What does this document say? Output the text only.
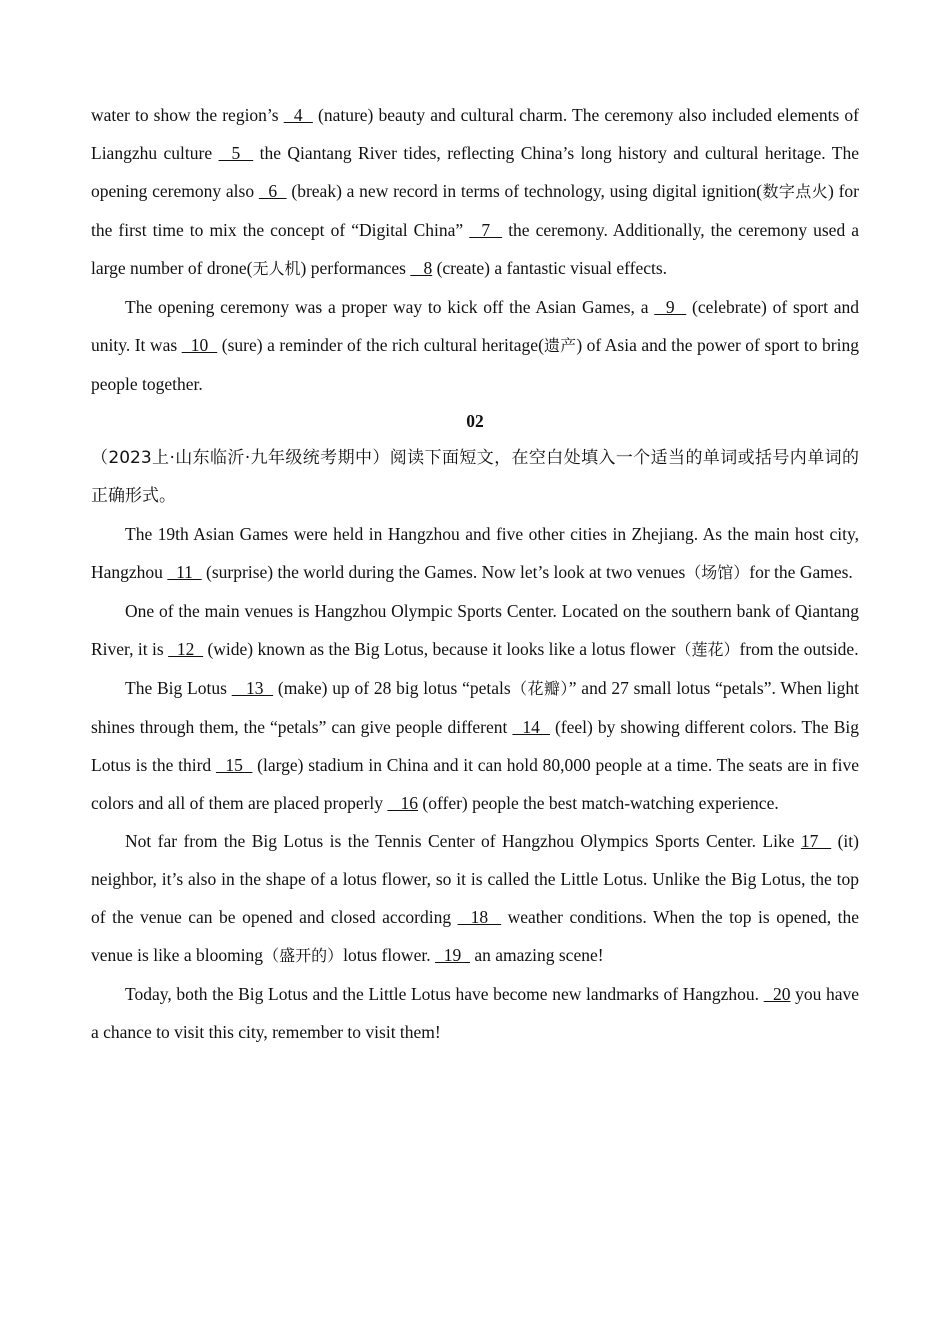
water to show the region’s   4   (nature) beauty and cultural charm. The ceremony also included elements of Liangzhu culture   5   the Qiantang River tides, reflecting China’s long history and cultural heritage. The opening ceremony also   6   (break) a new record in terms of technology, using digital ignition(数字点火) for the first time to mix the concept of “Digital China”   7   the ceremony. Additionally, the ceremony used a large number of drone(无人机) performances    8 (create) a fantastic visual effects.

The opening ceremony was a proper way to kick off the Asian Games, a   9   (celebrate) of sport and unity. It was   10   (sure) a reminder of the rich cultural heritage(遗产) of Asia and the power of sport to bring people together.

02

（2023上·山东临沂·九年级统考期中）阅读下面短文，在空白处填入一个适当的单词或括号内单词的正确形式。

The 19th Asian Games were held in Hangzhou and five other cities in Zhejiang. As the main host city, Hangzhou   11   (surprise) the world during the Games. Now let’s look at two venues（场馆）for the Games.

One of the main venues is Hangzhou Olympic Sports Center. Located on the southern bank of Qiantang River, it is   12   (wide) known as the Big Lotus, because it looks like a lotus flower（莲花）from the outside.

The Big Lotus    13   (make) up of 28 big lotus “petals（花瓣）” and 27 small lotus “petals”. When light shines through them, the “petals” can give people different   14   (feel) by showing different colors. The Big Lotus is the third   15   (large) stadium in China and it can hold 80,000 people at a time. The seats are in five colors and all of them are placed properly    16 (offer) people the best match-watching experience.

Not far from the Big Lotus is the Tennis Center of Hangzhou Olympics Sports Center. Like 17   (it) neighbor, it’s also in the shape of a lotus flower, so it is called the Little Lotus. Unlike the Big Lotus, the top of the venue can be opened and closed according   18   weather conditions. When the top is opened, the venue is like a blooming（盛开的）lotus flower.   19   an amazing scene!

Today, both the Big Lotus and the Little Lotus have become new landmarks of Hangzhou.   20 you have a chance to visit this city, remember to visit them!
